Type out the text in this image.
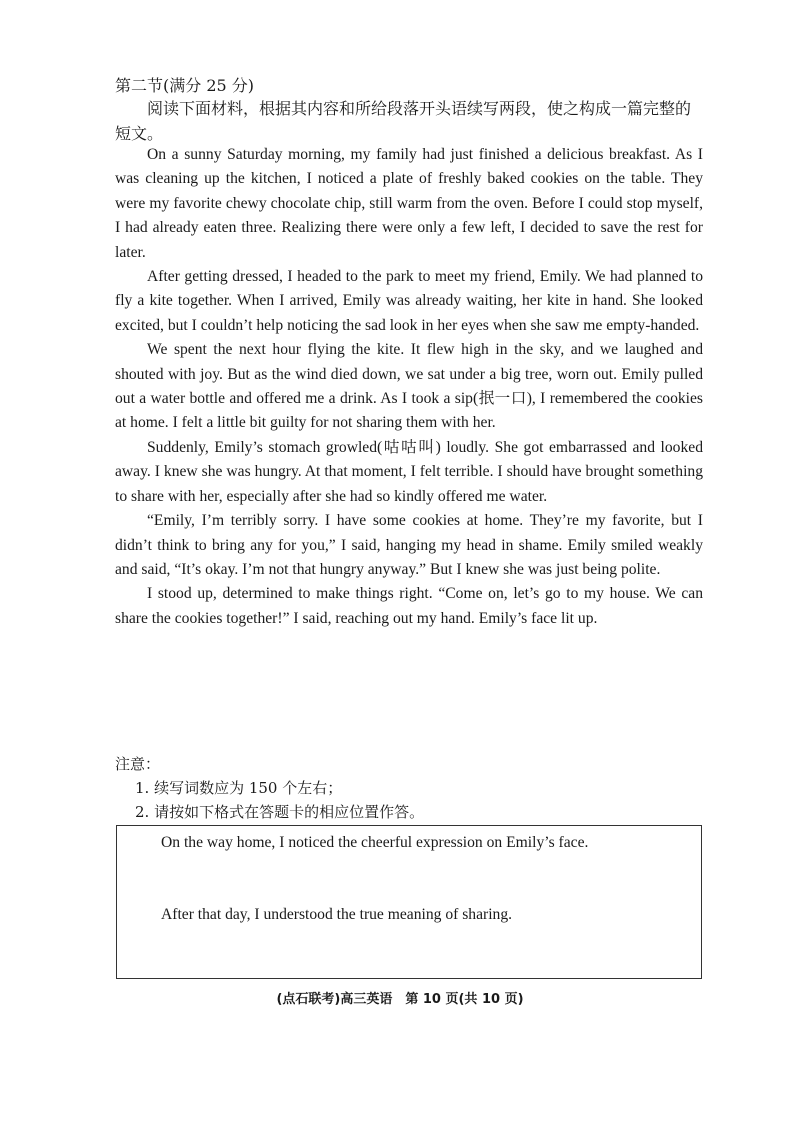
第二节(满分 25 分)
阅读下面材料，根据其内容和所给段落开头语续写两段，使之构成一篇完整的短文。

On a sunny Saturday morning, my family had just finished a delicious breakfast. As I was cleaning up the kitchen, I noticed a plate of freshly baked cookies on the table. They were my favorite chewy chocolate chip, still warm from the oven. Before I could stop myself, I had already eaten three. Realizing there were only a few left, I decided to save the rest for later.

After getting dressed, I headed to the park to meet my friend, Emily. We had planned to fly a kite together. When I arrived, Emily was already waiting, her kite in hand. She looked excited, but I couldn’t help noticing the sad look in her eyes when she saw me empty-handed.

We spent the next hour flying the kite. It flew high in the sky, and we laughed and shouted with joy. But as the wind died down, we sat under a big tree, worn out. Emily pulled out a water bottle and offered me a drink. As I took a sip(抿一口), I remembered the cookies at home. I felt a little bit guilty for not sharing them with her.

Suddenly, Emily’s stomach growled(咕咕叫) loudly. She got embarrassed and looked away. I knew she was hungry. At that moment, I felt terrible. I should have brought something to share with her, especially after she had so kindly offered me water.

“Emily, I’m terribly sorry. I have some cookies at home. They’re my favorite, but I didn’t think to bring any for you,” I said, hanging my head in shame. Emily smiled weakly and said, “It’s okay. I’m not that hungry anyway.” But I knew she was just being polite.

I stood up, determined to make things right. “Come on, let’s go to my house. We can share the cookies together!” I said, reaching out my hand. Emily’s face lit up.

注意：

1. 续写词数应为 150 个左右；

2. 请按如下格式在答题卡的相应位置作答。

On the way home, I noticed the cheerful expression on Emily’s face.
After that day, I understood the true meaning of sharing.
(点石联考)高三英语　第 10 页(共 10 页)
